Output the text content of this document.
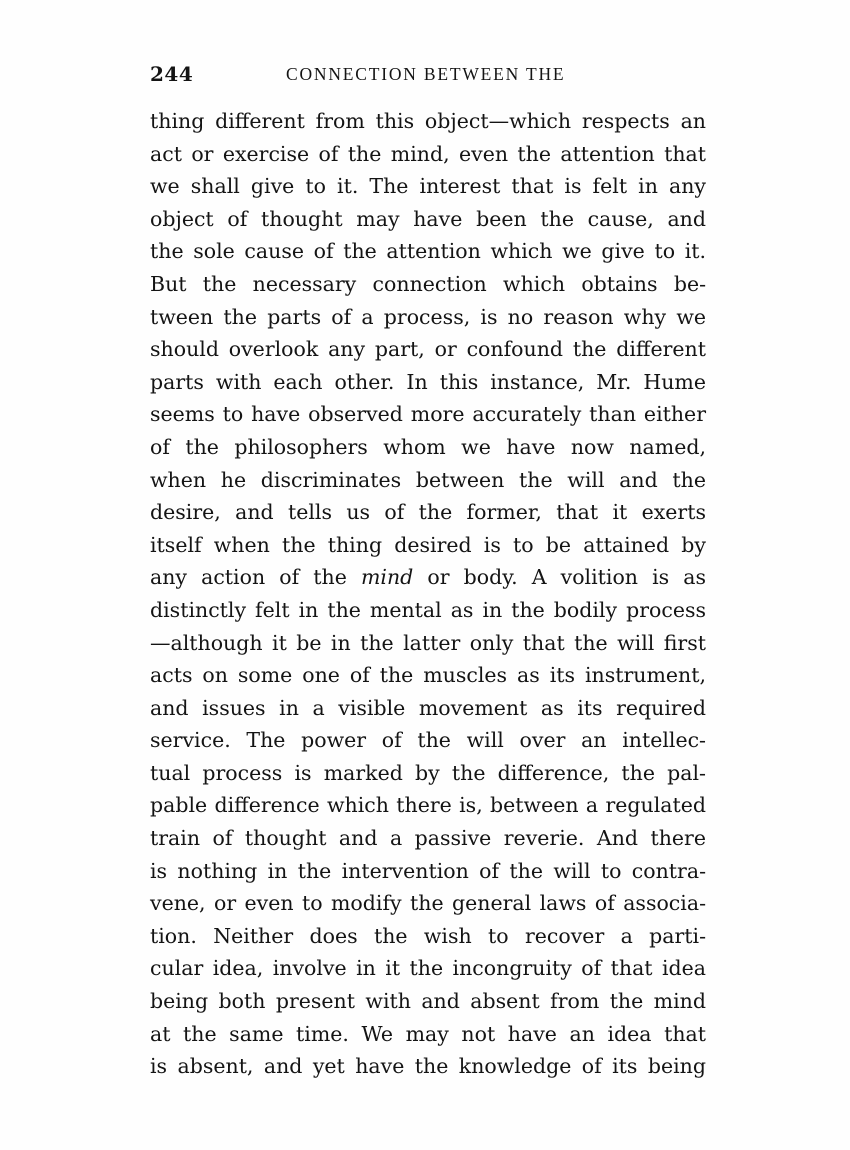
244	CONNECTION BETWEEN THE
thing different from this object—which respects an
act or exercise of the mind, even the attention that
we shall give to it. The interest that is felt in any
object of thought may have been the cause, and
the sole cause of the attention which we give to it.
But the necessary connection which obtains be-
tween the parts of a process, is no reason why we
should overlook any part, or confound the different
parts with each other. In this instance, Mr. Hume
seems to have observed more accurately than either
of the philosophers whom we have now named,
when he discriminates between the will and the
desire, and tells us of the former, that it exerts
itself when the thing desired is to be attained by
any action of the mind or body. A volition is as
distinctly felt in the mental as in the bodily process
—although it be in the latter only that the will first
acts on some one of the muscles as its instrument,
and issues in a visible movement as its required
service. The power of the will over an intellec-
tual process is marked by the difference, the pal-
pable difference which there is, between a regulated
train of thought and a passive reverie. And there
is nothing in the intervention of the will to contra-
vene, or even to modify the general laws of associa-
tion. Neither does the wish to recover a parti-
cular idea, involve in it the incongruity of that idea
being both present with and absent from the mind
at the same time. We may not have an idea that
is absent, and yet have the knowledge of its being
